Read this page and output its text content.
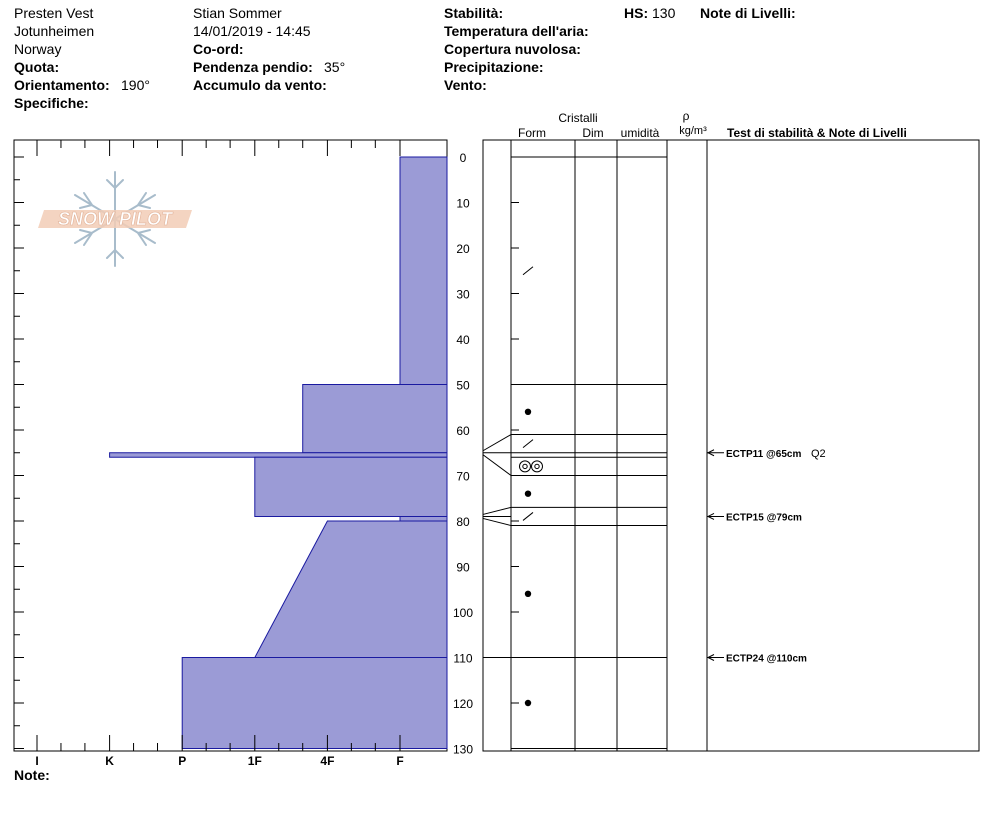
Presten Vest
Jotunheimen
Norway
Quota:
Orientamento: 190°
Specifiche:
Stian Sommer
14/01/2019 - 14:45
Co-ord:
Pendenza pendio: 35°
Accumulo da vento:
Stabilità:
Temperatura dell'aria:
Copertura nuvolosa:
Precipitazione:
Vento:
HS: 130 Note di Livelli:
Note:
SNOW PILOT
I	K	P	1F	4F	F
0
10
20
30
40
50
60
70
80
90
100
110
120
130
Cristalli
Form	Dim umidità
ρ
kg/m³ Test di stabilità & Note di Livelli
ECTP11 @65cm Q2
ECTP15 @79cm
ECTP24 @110cm
